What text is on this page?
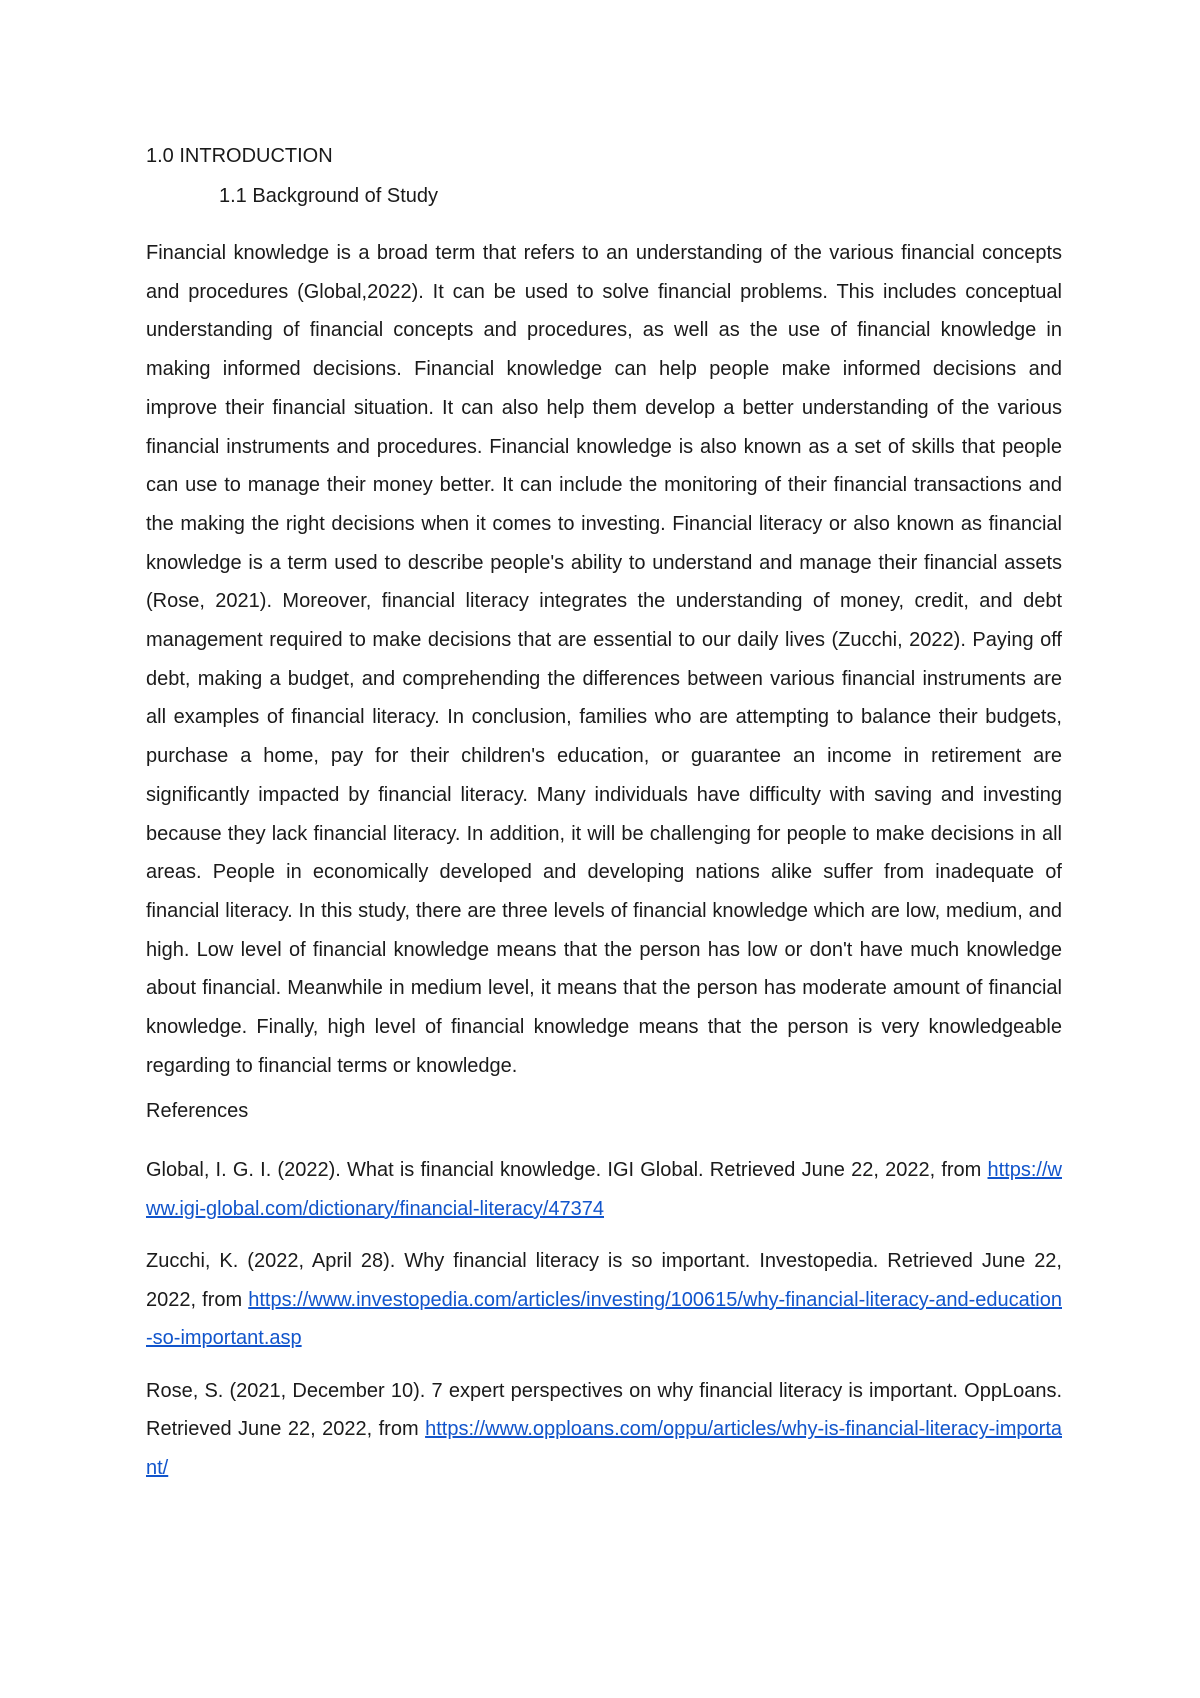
1.0 INTRODUCTION
1.1 Background of Study

Financial knowledge is a broad term that refers to an understanding of the various financial concepts and procedures (Global,2022). It can be used to solve financial problems. This includes conceptual understanding of financial concepts and procedures, as well as the use of financial knowledge in making informed decisions. Financial knowledge can help people make informed decisions and improve their financial situation. It can also help them develop a better understanding of the various financial instruments and procedures. Financial knowledge is also known as a set of skills that people can use to manage their money better. It can include the monitoring of their financial transactions and the making the right decisions when it comes to investing. Financial literacy or also known as financial knowledge is a term used to describe people's ability to understand and manage their financial assets (Rose, 2021). Moreover, financial literacy integrates the understanding of money, credit, and debt management required to make decisions that are essential to our daily lives (Zucchi, 2022). Paying off debt, making a budget, and comprehending the differences between various financial instruments are all examples of financial literacy. In conclusion, families who are attempting to balance their budgets, purchase a home, pay for their children's education, or guarantee an income in retirement are significantly impacted by financial literacy. Many individuals have difficulty with saving and investing because they lack financial literacy. In addition, it will be challenging for people to make decisions in all areas. People in economically developed and developing nations alike suffer from inadequate of financial literacy. In this study, there are three levels of financial knowledge which are low, medium, and high. Low level of financial knowledge means that the person has low or don't have much knowledge about financial. Meanwhile in medium level, it means that the person has moderate amount of financial knowledge. Finally, high level of financial knowledge means that the person is very knowledgeable regarding to financial terms or knowledge.

References

Global, I. G. I. (2022). What is financial knowledge. IGI Global. Retrieved June 22, 2022, from https://www.igi-global.com/dictionary/financial-literacy/47374

Zucchi, K. (2022, April 28). Why financial literacy is so important. Investopedia. Retrieved June 22, 2022, from https://www.investopedia.com/articles/investing/100615/why-financial-literacy-and-education-so-important.asp

Rose, S. (2021, December 10). 7 expert perspectives on why financial literacy is important. OppLoans. Retrieved June 22, 2022, from https://www.opploans.com/oppu/articles/why-is-financial-literacy-important/
